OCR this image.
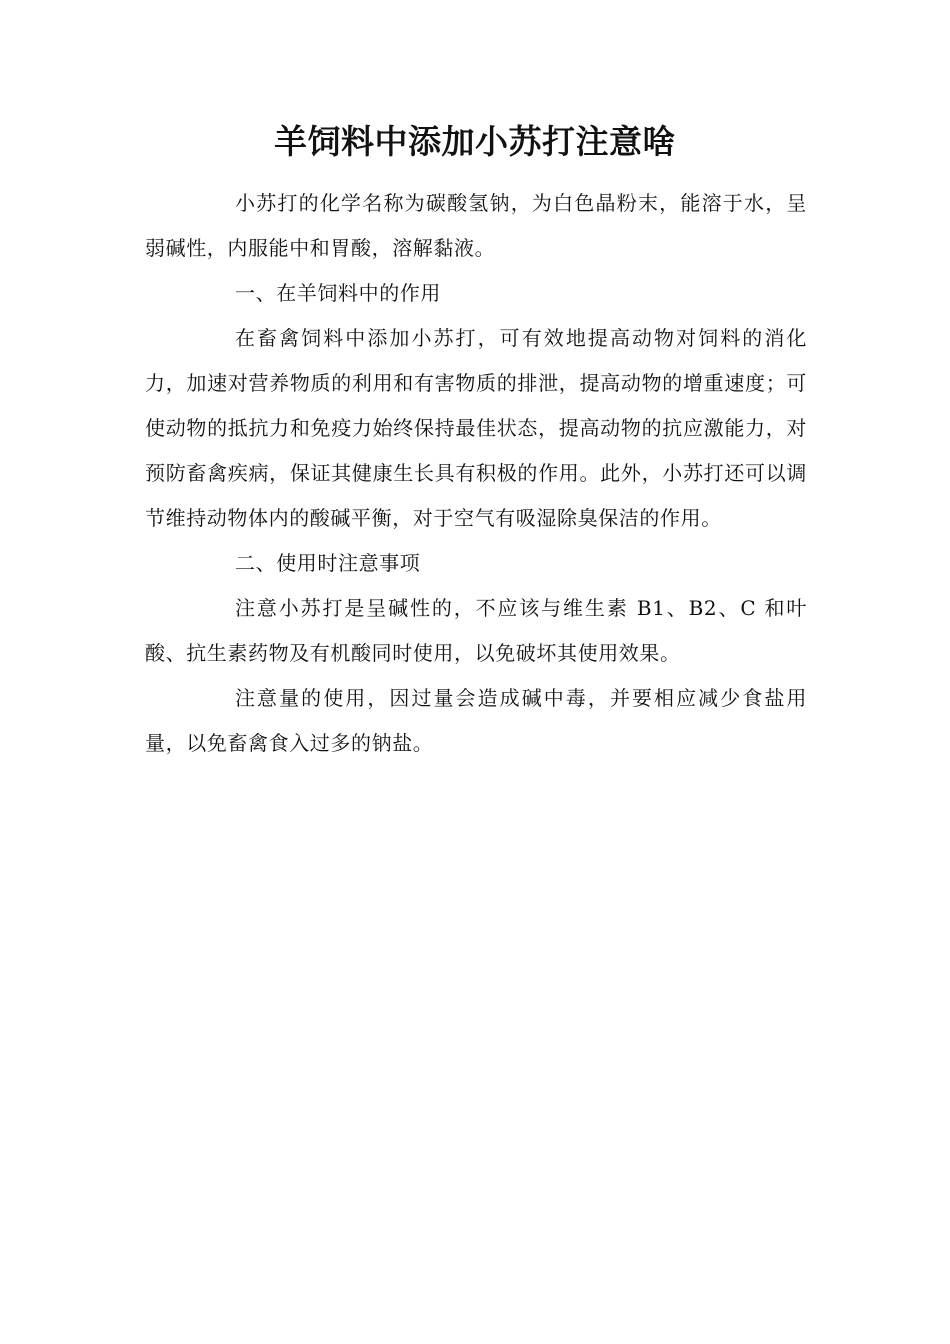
羊饲料中添加小苏打注意啥

小苏打的化学名称为碳酸氢钠，为白色晶粉末，能溶于水，呈弱碱性，内服能中和胃酸，溶解黏液。

一、在羊饲料中的作用

在畜禽饲料中添加小苏打，可有效地提高动物对饲料的消化力，加速对营养物质的利用和有害物质的排泄，提高动物的增重速度；可使动物的抵抗力和免疫力始终保持最佳状态，提高动物的抗应激能力，对预防畜禽疾病，保证其健康生长具有积极的作用。此外，小苏打还可以调节维持动物体内的酸碱平衡，对于空气有吸湿除臭保洁的作用。

二、使用时注意事项

注意小苏打是呈碱性的，不应该与维生素 B1、B2、C 和叶酸、抗生素药物及有机酸同时使用，以免破坏其使用效果。

注意量的使用，因过量会造成碱中毒，并要相应减少食盐用量，以免畜禽食入过多的钠盐。
